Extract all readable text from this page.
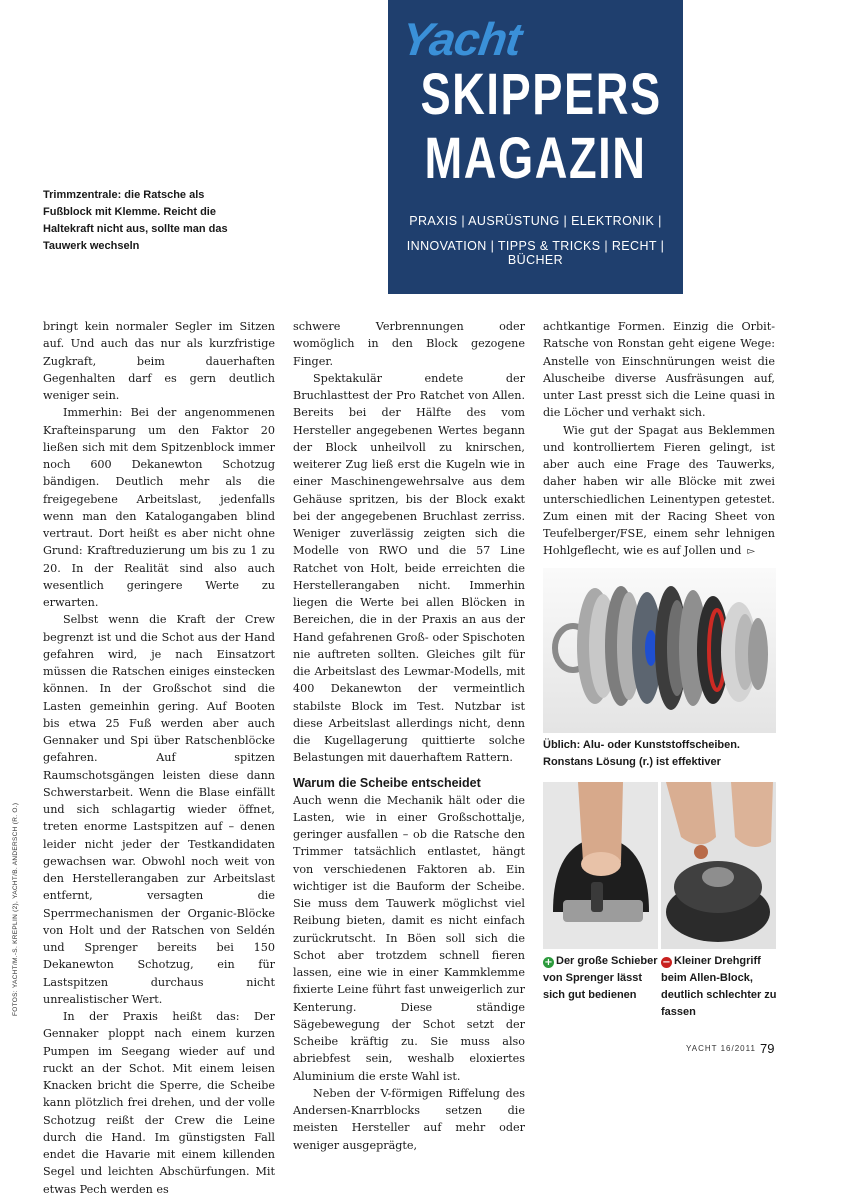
Yacht
SKIPPERS
MAGAZIN
PRAXIS | AUSRÜSTUNG | ELEKTRONIK |
INNOVATION | TIPPS & TRICKS | RECHT | BÜCHER
Trimmzentrale: die Ratsche als Fußblock mit Klemme. Reicht die Haltekraft nicht aus, sollte man das Tauwerk wechseln

bringt kein normaler Segler im Sitzen auf. Und auch das nur als kurzfristige Zugkraft, beim dauerhaften Gegenhalten darf es gern deutlich weniger sein.

Immerhin: Bei der angenommenen Krafteinsparung um den Faktor 20 ließen sich mit dem Spitzenblock immer noch 600 Dekanewton Schotzug bändigen. Deutlich mehr als die freigegebene Arbeitslast, jedenfalls wenn man den Katalogangaben blind vertraut. Dort heißt es aber nicht ohne Grund: Kraftreduzierung um bis zu 1 zu 20. In der Realität sind also auch wesentlich geringere Werte zu erwarten.

Selbst wenn die Kraft der Crew begrenzt ist und die Schot aus der Hand gefahren wird, je nach Einsatzort müssen die Ratschen einiges einstecken können. In der Großschot sind die Lasten gemeinhin gering. Auf Booten bis etwa 25 Fuß werden aber auch Gennaker und Spi über Ratschenblöcke gefahren. Auf spitzen Raumschotsgängen leisten diese dann Schwerstarbeit. Wenn die Blase einfällt und sich schlagartig wieder öffnet, treten enorme Lastspitzen auf – denen leider nicht jeder der Testkandidaten gewachsen war. Obwohl noch weit von den Herstellerangaben zur Arbeitslast entfernt, versagten die Sperrmechanismen der Organic-Blöcke von Holt und der Ratschen von Seldén und Sprenger bereits bei 150 Dekanewton Schotzug, ein für Lastspitzen durchaus nicht unrealistischer Wert.

In der Praxis heißt das: Der Gennaker ploppt nach einem kurzen Pumpen im Seegang wieder auf und ruckt an der Schot. Mit einem leisen Knacken bricht die Sperre, die Scheibe kann plötzlich frei drehen, und der volle Schotzug reißt der Crew die Leine durch die Hand. Im günstigsten Fall endet die Havarie mit einem killenden Segel und leichten Abschürfungen. Mit etwas Pech werden es

schwere Verbrennungen oder womöglich in den Block gezogene Finger.

Spektakulär endete der Bruchlasttest der Pro Ratchet von Allen. Bereits bei der Hälfte des vom Hersteller angegebenen Wertes begann der Block unheilvoll zu knirschen, weiterer Zug ließ erst die Kugeln wie in einer Maschinengewehrsalve aus dem Gehäuse spritzen, bis der Block exakt bei der angegebenen Bruchlast zerriss. Weniger zuverlässig zeigten sich die Modelle von RWO und die 57 Line Ratchet von Holt, beide erreichten die Herstellerangaben nicht. Immerhin liegen die Werte bei allen Blöcken in Bereichen, die in der Praxis an aus der Hand gefahrenen Groß- oder Spischoten nie auftreten sollten. Gleiches gilt für die Arbeitslast des Lewmar-Modells, mit 400 Dekanewton der vermeintlich stabilste Block im Test. Nutzbar ist diese Arbeitslast allerdings nicht, denn die Kugellagerung quittierte solche Belastungen mit dauerhaftem Rattern.

Warum die Scheibe entscheidet

Auch wenn die Mechanik hält oder die Lasten, wie in einer Großschottalje, geringer ausfallen – ob die Ratsche den Trimmer tatsächlich entlastet, hängt von verschiedenen Faktoren ab. Ein wichtiger ist die Bauform der Scheibe. Sie muss dem Tauwerk möglichst viel Reibung bieten, damit es nicht einfach zurückrutscht. In Böen soll sich die Schot aber trotzdem schnell fieren lassen, eine wie in einer Kammklemme fixierte Leine führt fast unweigerlich zur Kenterung. Diese ständige Sägebewegung der Schot setzt der Scheibe kräftig zu. Sie muss also abriebfest sein, weshalb eloxiertes Aluminium die erste Wahl ist.

Neben der V-förmigen Riffelung des Andersen-Knarrblocks setzen die meisten Hersteller auf mehr oder weniger ausgeprägte,

achtkantige Formen. Einzig die Orbit-Ratsche von Ronstan geht eigene Wege: Anstelle von Einschnürungen weist die Aluscheibe diverse Ausfräsungen auf, unter Last presst sich die Leine quasi in die Löcher und verhakt sich.

Wie gut der Spagat aus Beklemmen und kontrolliertem Fieren gelingt, ist aber auch eine Frage des Tauwerks, daher haben wir alle Blöcke mit zwei unterschiedlichen Leinentypen getestet. Zum einen mit der Racing Sheet von Teufelberger/FSE, einem sehr lehnigen Hohlgeflecht, wie es auf Jollen und ▻

Üblich: Alu- oder Kunststoffscheiben. Ronstans Lösung (r.) ist effektiver
+ Der große Schieber von Sprenger lässt sich gut bedienen
− Kleiner Drehgriff beim Allen-Block, deutlich schlechter zu fassen
FOTOS: YACHT/M.-S. KREPLIN (2), YACHT/B. ANDERSCH (R. O.)
YACHT 16/2011 79
